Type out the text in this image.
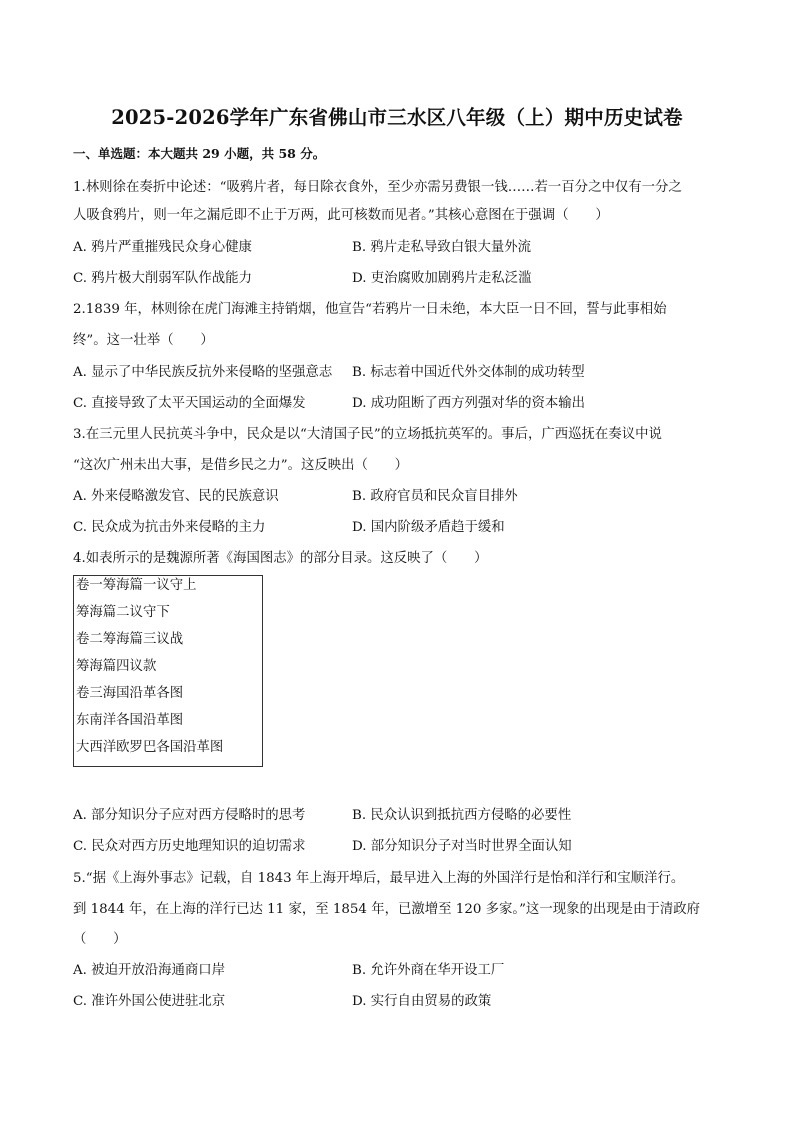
2025-2026学年广东省佛山市三水区八年级（上）期中历史试卷
一、单选题：本大题共 29 小题，共 58 分。
1.林则徐在奏折中论述：“吸鸦片者，每日除衣食外，至少亦需另费银一钱……若一百分之中仅有一分之
人吸食鸦片，则一年之漏卮即不止于万两，此可核数而见者。”其核心意图在于强调（　　）
A. 鸦片严重摧残民众身心健康	B. 鸦片走私导致白银大量外流
C. 鸦片极大削弱军队作战能力	D. 吏治腐败加剧鸦片走私泛滥
2.1839 年，林则徐在虎门海滩主持销烟，他宣告“若鸦片一日未绝，本大臣一日不回，誓与此事相始
终”。这一壮举（　　）
A. 显示了中华民族反抗外来侵略的坚强意志 B. 标志着中国近代外交体制的成功转型
C. 直接导致了太平天国运动的全面爆发	D. 成功阻断了西方列强对华的资本输出
3.在三元里人民抗英斗争中，民众是以“大清国子民”的立场抵抗英军的。事后，广西巡抚在奏议中说
“这次广州未出大事，是借乡民之力”。这反映出（　　）
A. 外来侵略激发官、民的民族意识	B. 政府官员和民众盲目排外
C. 民众成为抗击外来侵略的主力	D. 国内阶级矛盾趋于缓和
4.如表所示的是魏源所著《海国图志》的部分目录。这反映了（　　）
卷一筹海篇一议守上
筹海篇二议守下
卷二筹海篇三议战
筹海篇四议款
卷三海国沿革各图
东南洋各国沿革图
大西洋欧罗巴各国沿革图
A. 部分知识分子应对西方侵略时的思考	B. 民众认识到抵抗西方侵略的必要性
C. 民众对西方历史地理知识的迫切需求	D. 部分知识分子对当时世界全面认知
5.“据《上海外事志》记载，自 1843 年上海开埠后，最早进入上海的外国洋行是怡和洋行和宝顺洋行。
到 1844 年，在上海的洋行已达 11 家，至 1854 年，已激增至 120 多家。”这一现象的出现是由于清政府
（　　）
A. 被迫开放沿海通商口岸	B. 允许外商在华开设工厂
C. 准许外国公使进驻北京	D. 实行自由贸易的政策
